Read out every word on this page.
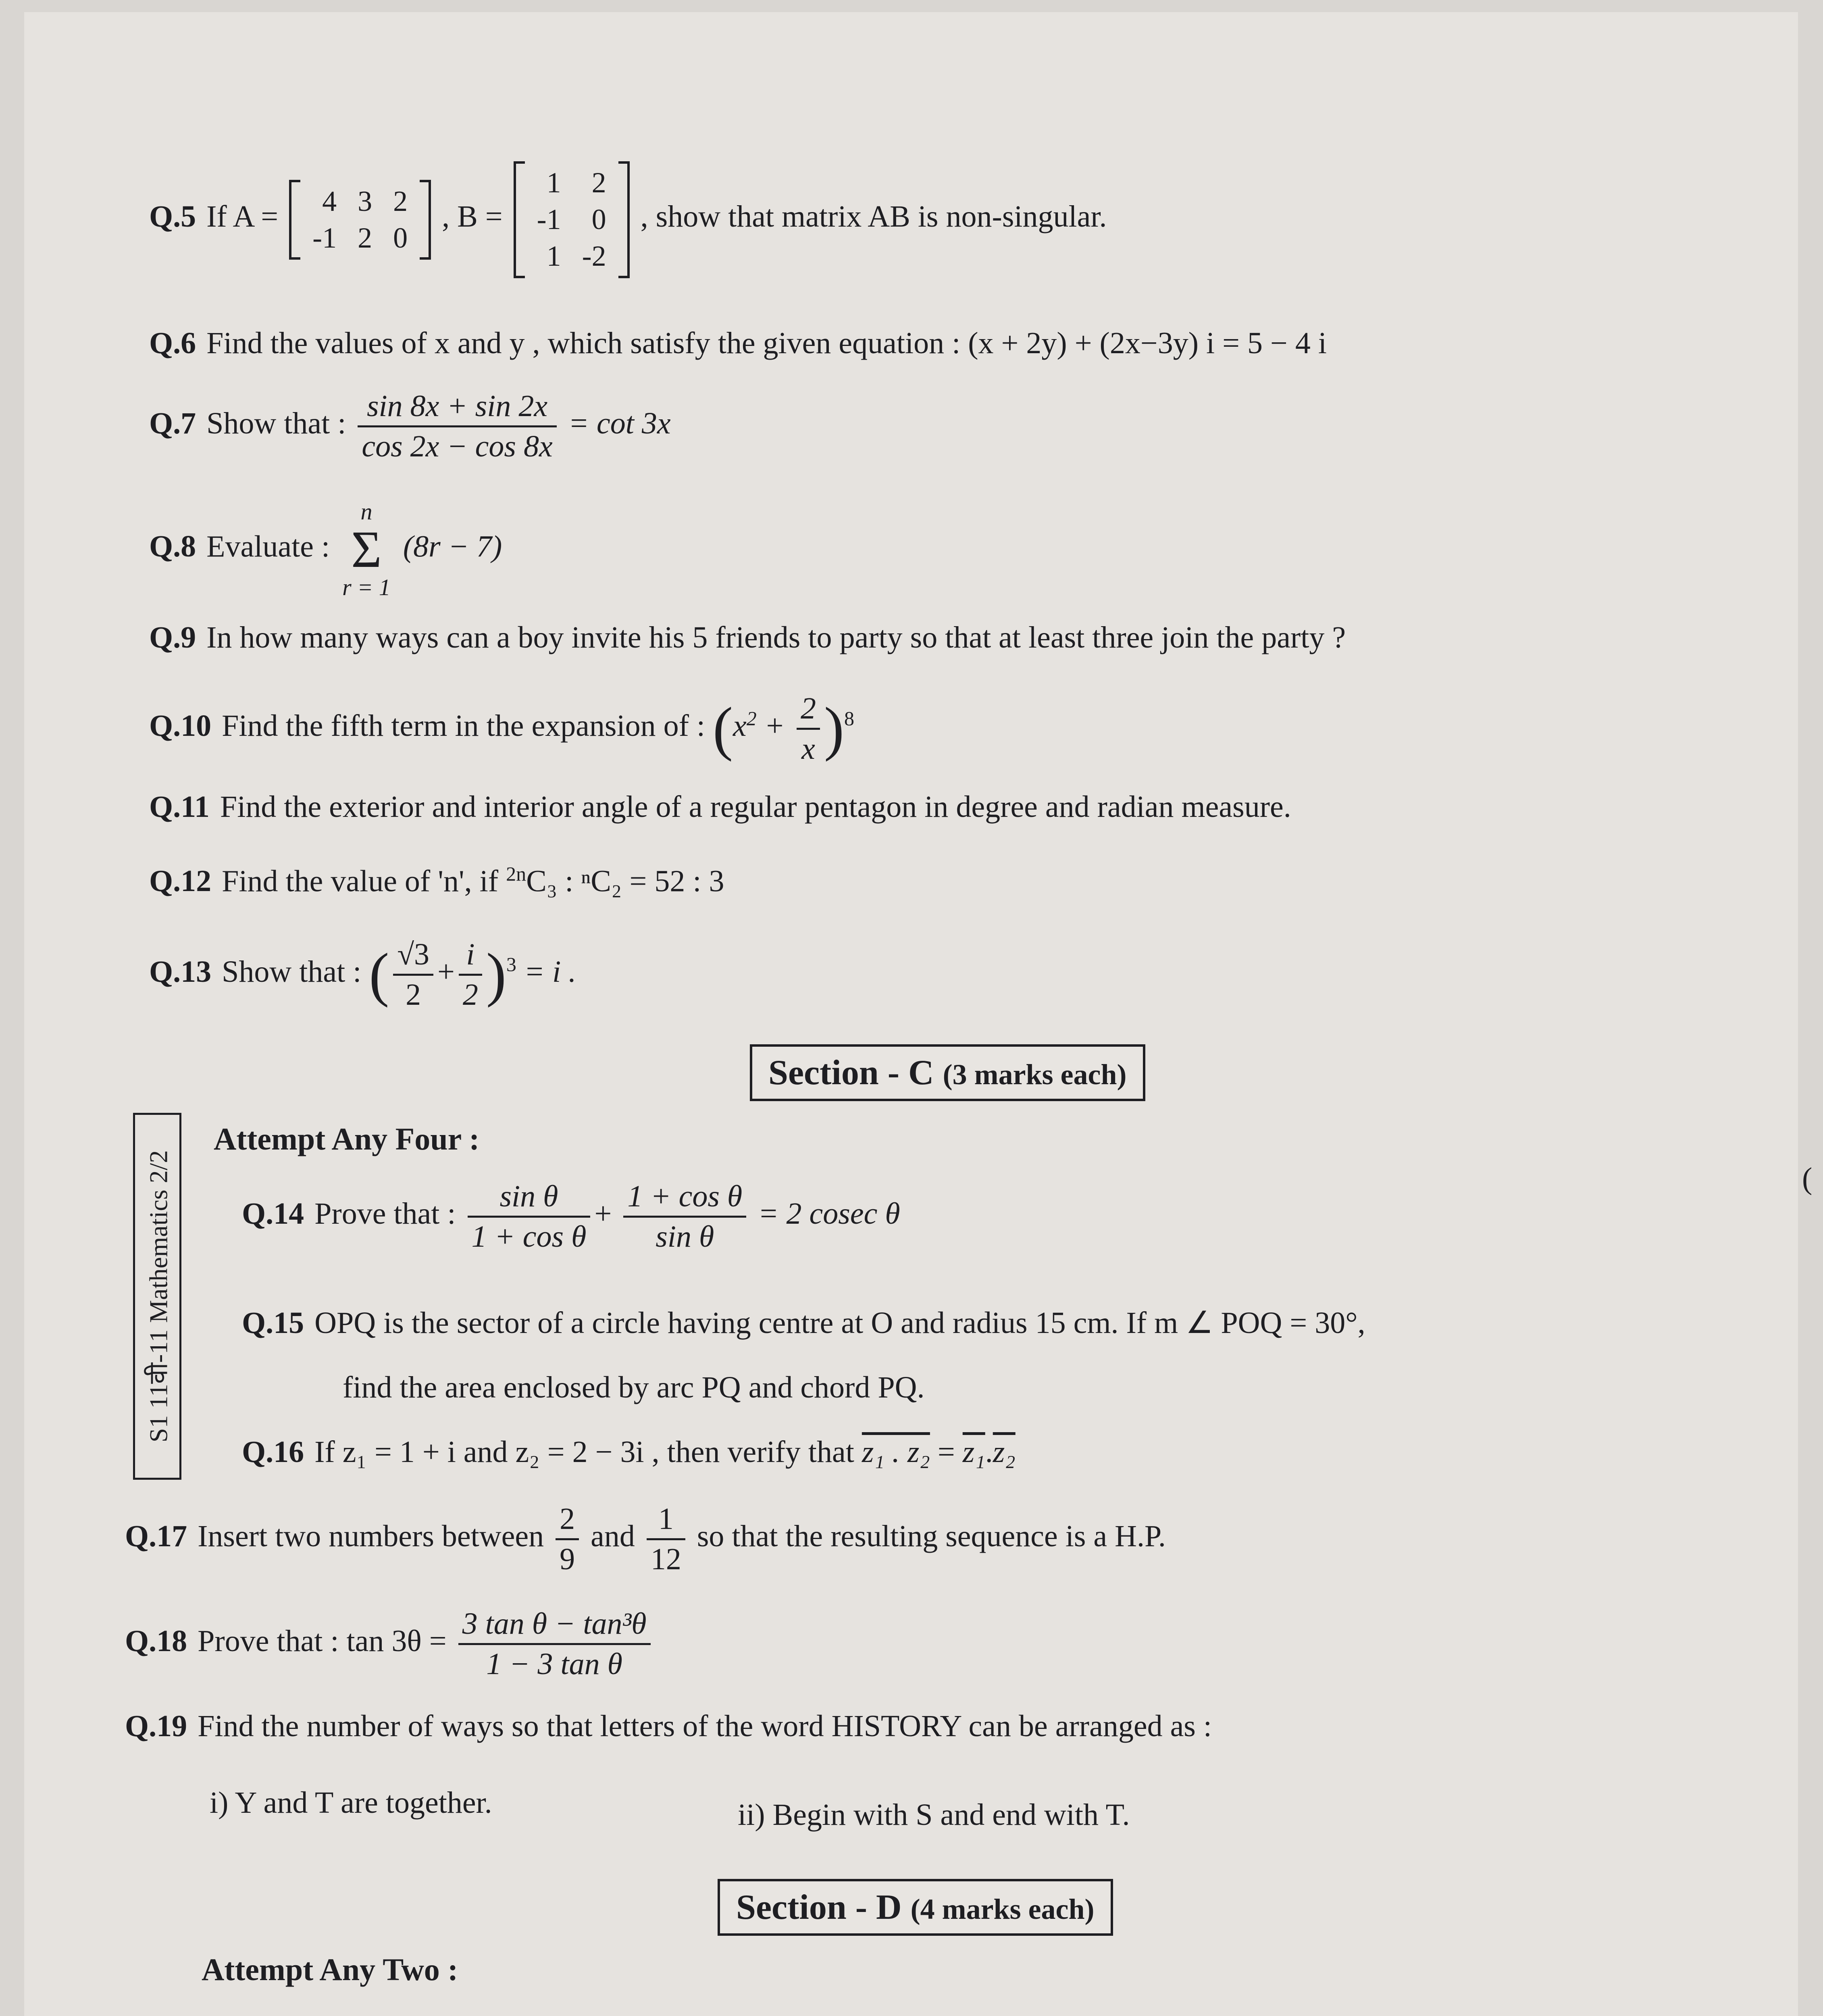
Q.5 If A = 4	3	2
-1	2	0
, B =
1	2
-1	0
1	-2
, show that matrix AB is non-singular.
Q.6 Find the values of x and y , which satisfy the given equation : (x + 2y) + (2x−3y) i = 5 − 4 i
Q.7 Show that : $\frac{\sin 8x + \sin 2x}{\cos 2x - \cos 8x} = \cot 3x$
Q.8 Evaluate :
n
Σ
r = 1
(8r − 7)
Q.9 In how many ways can a boy invite his 5 friends to party so that at least three join the party ?
Q.10 Find the fifth term in the expansion of : $(x^2 + \frac{2}{x} )^8$
Q.11 Find the exterior and interior angle of a regular pentagon in degree and radian measure.
Q.12 Find the value of 'n', if $^{2n}$C₃ : ⁿC₂ = 52 : 3
Q.13 Show that : ( $\frac{√3}{2} + \frac{i}{2} )^3 = i$ .
Section - C (3 marks each)
Attempt Any Four :
S1 11वी-11 Mathematics 2/2 Q.14 Prove that : $\frac{\text{sin θ}}{\text{1 + cos θ}} + \frac{\text{1 + cos θ}}{\text{sin θ}} = 2$ cosec θ
Q.15 OPQ is the sector of a circle having centre at O and radius 15 cm. If m ∠ POQ = 30°,
find the area enclosed by arc PQ and chord PQ.
Q.16 If z₁ = 1 + i and z₂ = 2 − 3i , then verify that z₁ . z₂ = z₁.z₂
Q.17 Insert two numbers between $\frac{2}{9}$ and $\frac{1}{12}$ so that the resulting sequence is a H.P.
Q.18 Prove that : $\tan 3\theta = \frac{\text{3 tan θ − tan³θ}}{\text{1 − 3 tan θ}}$
Q.19 Find the number of ways so that letters of the word HISTORY can be arranged as :
i) Y and T are together.	ii) Begin with S and end with T.
Section - D (4 marks each)
Attempt Any Two :

(
